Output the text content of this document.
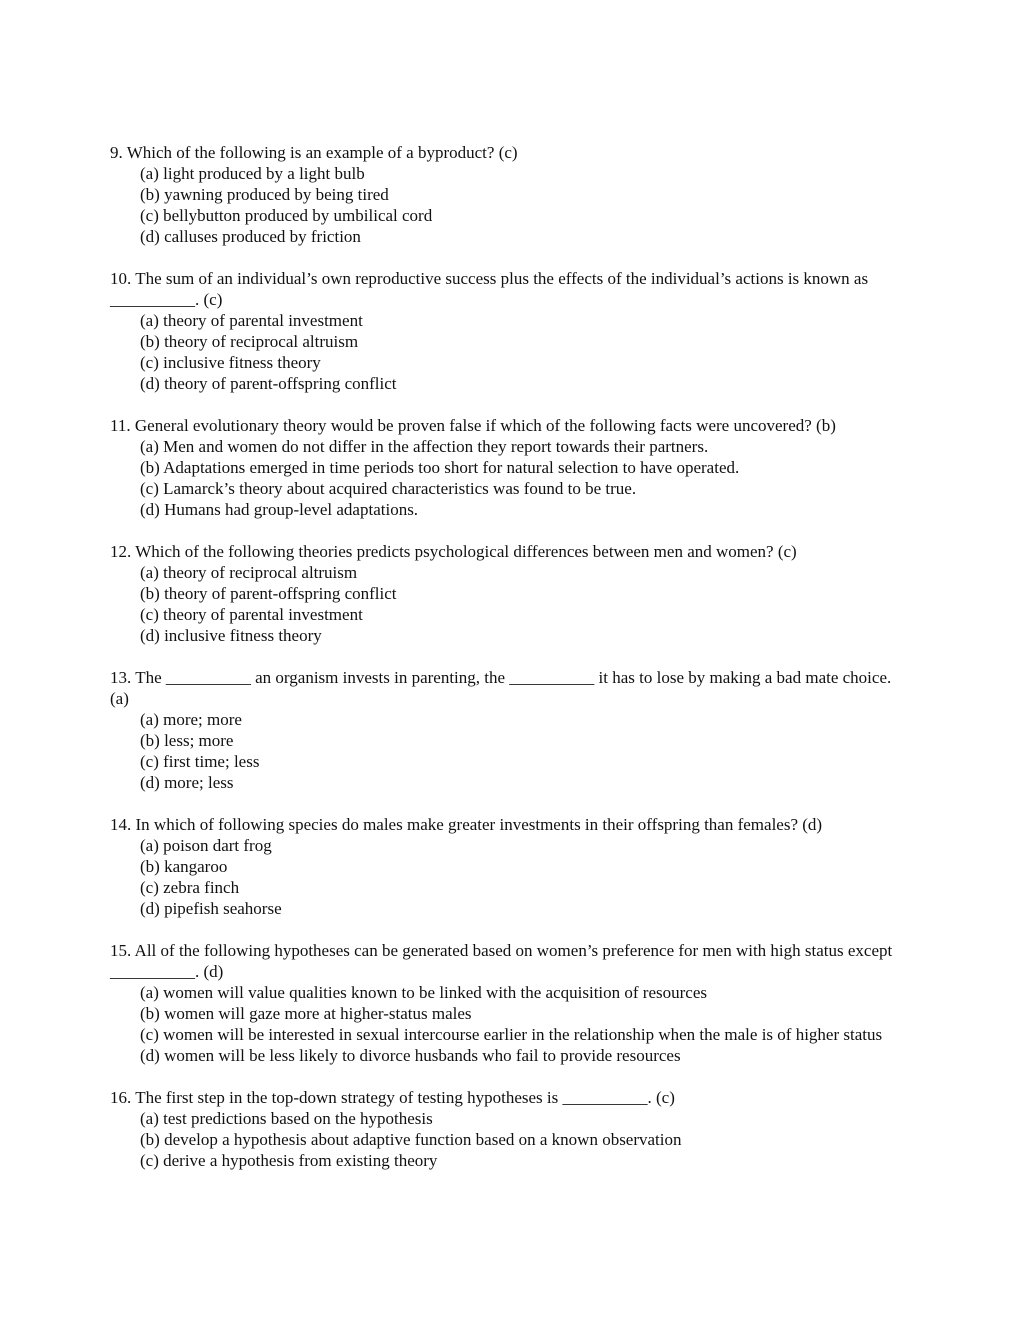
9. Which of the following is an example of a byproduct? (c)

(a) light produced by a light bulb
(b) yawning produced by being tired
(c) bellybutton produced by umbilical cord
(d) calluses produced by friction

10. The sum of an individual’s own reproductive success plus the effects of the individual’s actions is known as __________. (c)

(a) theory of parental investment
(b) theory of reciprocal altruism
(c) inclusive fitness theory
(d) theory of parent-offspring conflict

11. General evolutionary theory would be proven false if which of the following facts were uncovered? (b)

(a) Men and women do not differ in the affection they report towards their partners.
(b) Adaptations emerged in time periods too short for natural selection to have operated.
(c) Lamarck’s theory about acquired characteristics was found to be true.
(d) Humans had group-level adaptations.

12. Which of the following theories predicts psychological differences between men and women? (c)

(a) theory of reciprocal altruism
(b) theory of parent-offspring conflict
(c) theory of parental investment
(d) inclusive fitness theory

13. The __________ an organism invests in parenting, the __________ it has to lose by making a bad mate choice. (a)

(a) more; more
(b) less; more
(c) first time; less
(d) more; less

14. In which of following species do males make greater investments in their offspring than females? (d)

(a) poison dart frog
(b) kangaroo
(c) zebra finch
(d) pipefish seahorse

15. All of the following hypotheses can be generated based on women’s preference for men with high status except __________. (d)

(a) women will value qualities known to be linked with the acquisition of resources
(b) women will gaze more at higher-status males
(c) women will be interested in sexual intercourse earlier in the relationship when the male is of higher status
(d) women will be less likely to divorce husbands who fail to provide resources

16. The first step in the top-down strategy of testing hypotheses is __________. (c)

(a) test predictions based on the hypothesis
(b) develop a hypothesis about adaptive function based on a known observation
(c) derive a hypothesis from existing theory
